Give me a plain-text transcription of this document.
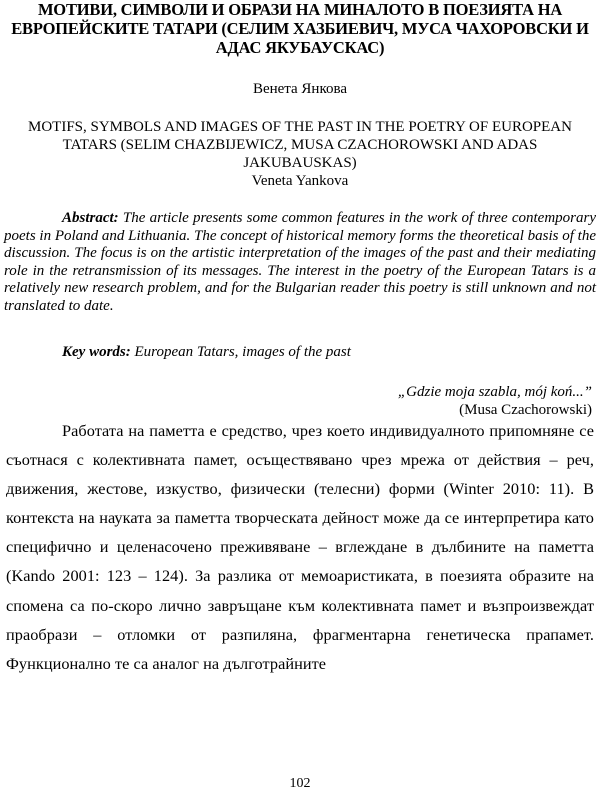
МОТИВИ, СИМВОЛИ И ОБРАЗИ НА МИНАЛОТО В ПОЕЗИЯТА НА ЕВРОПЕЙСКИТЕ ТАТАРИ (СЕЛИМ ХАЗБИЕВИЧ, МУСА ЧАХОРОВСКИ И АДАС ЯКУБАУСКАС)
Венета Янкова
MOTIFS, SYMBOLS AND IMAGES OF THE PAST IN THE POETRY OF EUROPEAN TATARS (SELIM CHAZBIJEWICZ, MUSA CZACHOROWSKI AND ADAS JAKUBAUSKAS)
Veneta Yankova
Abstract: The article presents some common features in the work of three contemporary poets in Poland and Lithuania. The concept of historical memory forms the theoretical basis of the discussion. The focus is on the artistic interpretation of the images of the past and their mediating role in the retransmission of its messages. The interest in the poetry of the European Tatars is a relatively new research problem, and for the Bulgarian reader this poetry is still unknown and not translated to date.
Key words: European Tatars, images of the past
„Gdzie moja szabla, mój koń...”
(Musa Czachorowski)

Работата на паметта е средство, чрез което индивидуалното припомняне се съотнася с колективната памет, осъществявано чрез мрежа от действия – реч, движения, жестове, изкуство, физически (телесни) форми (Winter 2010: 11). В контекста на науката за паметта творческата дейност може да се интерпретира като специфично и целенасочено преживяване – вглеждане в дълбините на паметта (Kando 2001: 123 – 124). За разлика от мемоаристиката, в поезията образите на спомена са по-скоро лично завръщане към колективната памет и възпроизвеждат праобрази – отломки от разпиляна, фрагментарна генетическа прапамет. Функционално те са аналог на дълготрайните

102
